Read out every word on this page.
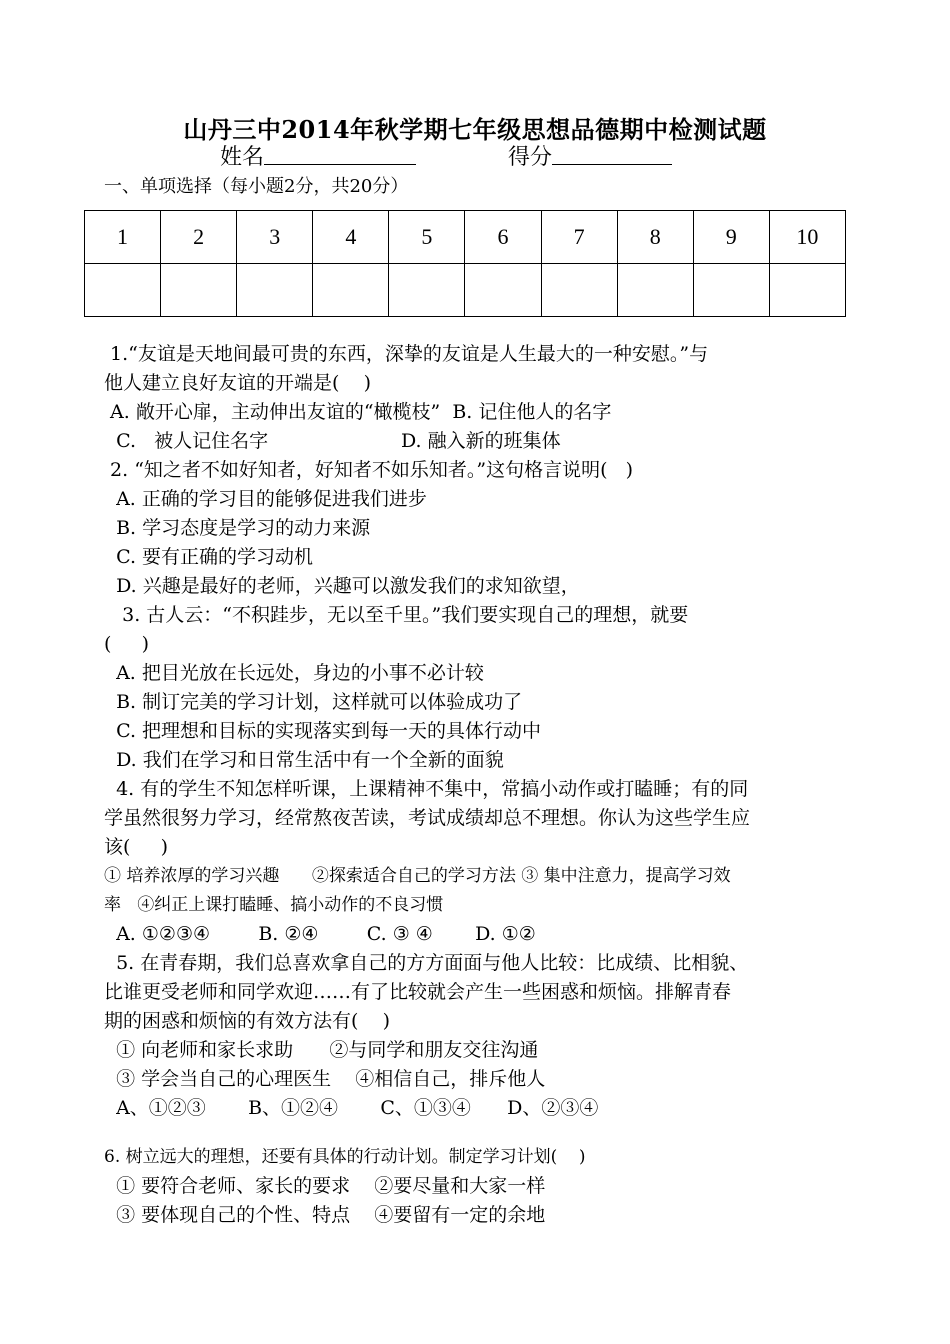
山丹三中2014年秋学期七年级思想品德期中检测试题
姓名	得分
一、单项选择（每小题2分，共20分）
1	2	3	4	5	6	7	8	9	10

1.“友谊是天地间最可贵的东西，深挚的友谊是人生最大的一种安慰。”与

他人建立良好友谊的开端是(    )

A. 敞开心扉，主动伸出友谊的“橄榄枝”  B. 记住他人的名字

C.   被人记住名字                      D. 融入新的班集体

2. “知之者不如好知者，好知者不如乐知者。”这句格言说明(   )

A. 正确的学习目的能够促进我们进步

B. 学习态度是学习的动力来源

C. 要有正确的学习动机

D. 兴趣是最好的老师，兴趣可以激发我们的求知欲望，

3. 古人云：“不积跬步，无以至千里。”我们要实现自己的理想，就要

(     )

A. 把目光放在长远处，身边的小事不必计较

B. 制订完美的学习计划，这样就可以体验成功了

C. 把理想和目标的实现落实到每一天的具体行动中

D. 我们在学习和日常生活中有一个全新的面貌

4. 有的学生不知怎样听课，上课精神不集中，常搞小动作或打瞌睡；有的同

学虽然很努力学习，经常熬夜苦读，考试成绩却总不理想。你认为这些学生应

该(     )

① 培养浓厚的学习兴趣      ②探索适合自己的学习方法 ③ 集中注意力，提高学习效

率   ④纠正上课打瞌睡、搞小动作的不良习惯

A. ①②③④        B. ②④        C. ③ ④       D. ①②

5. 在青春期，我们总喜欢拿自己的方方面面与他人比较：比成绩、比相貌、

比谁更受老师和同学欢迎……有了比较就会产生一些困惑和烦恼。排解青春

期的困惑和烦恼的有效方法有(    )

① 向老师和家长求助      ②与同学和朋友交往沟通

③ 学会当自己的心理医生    ④相信自己，排斥他人

A、①②③       B、①②④       C、①③④      D、②③④

6. 树立远大的理想，还要有具体的行动计划。制定学习计划(    )

① 要符合老师、家长的要求    ②要尽量和大家一样

③ 要体现自己的个性、特点    ④要留有一定的余地
